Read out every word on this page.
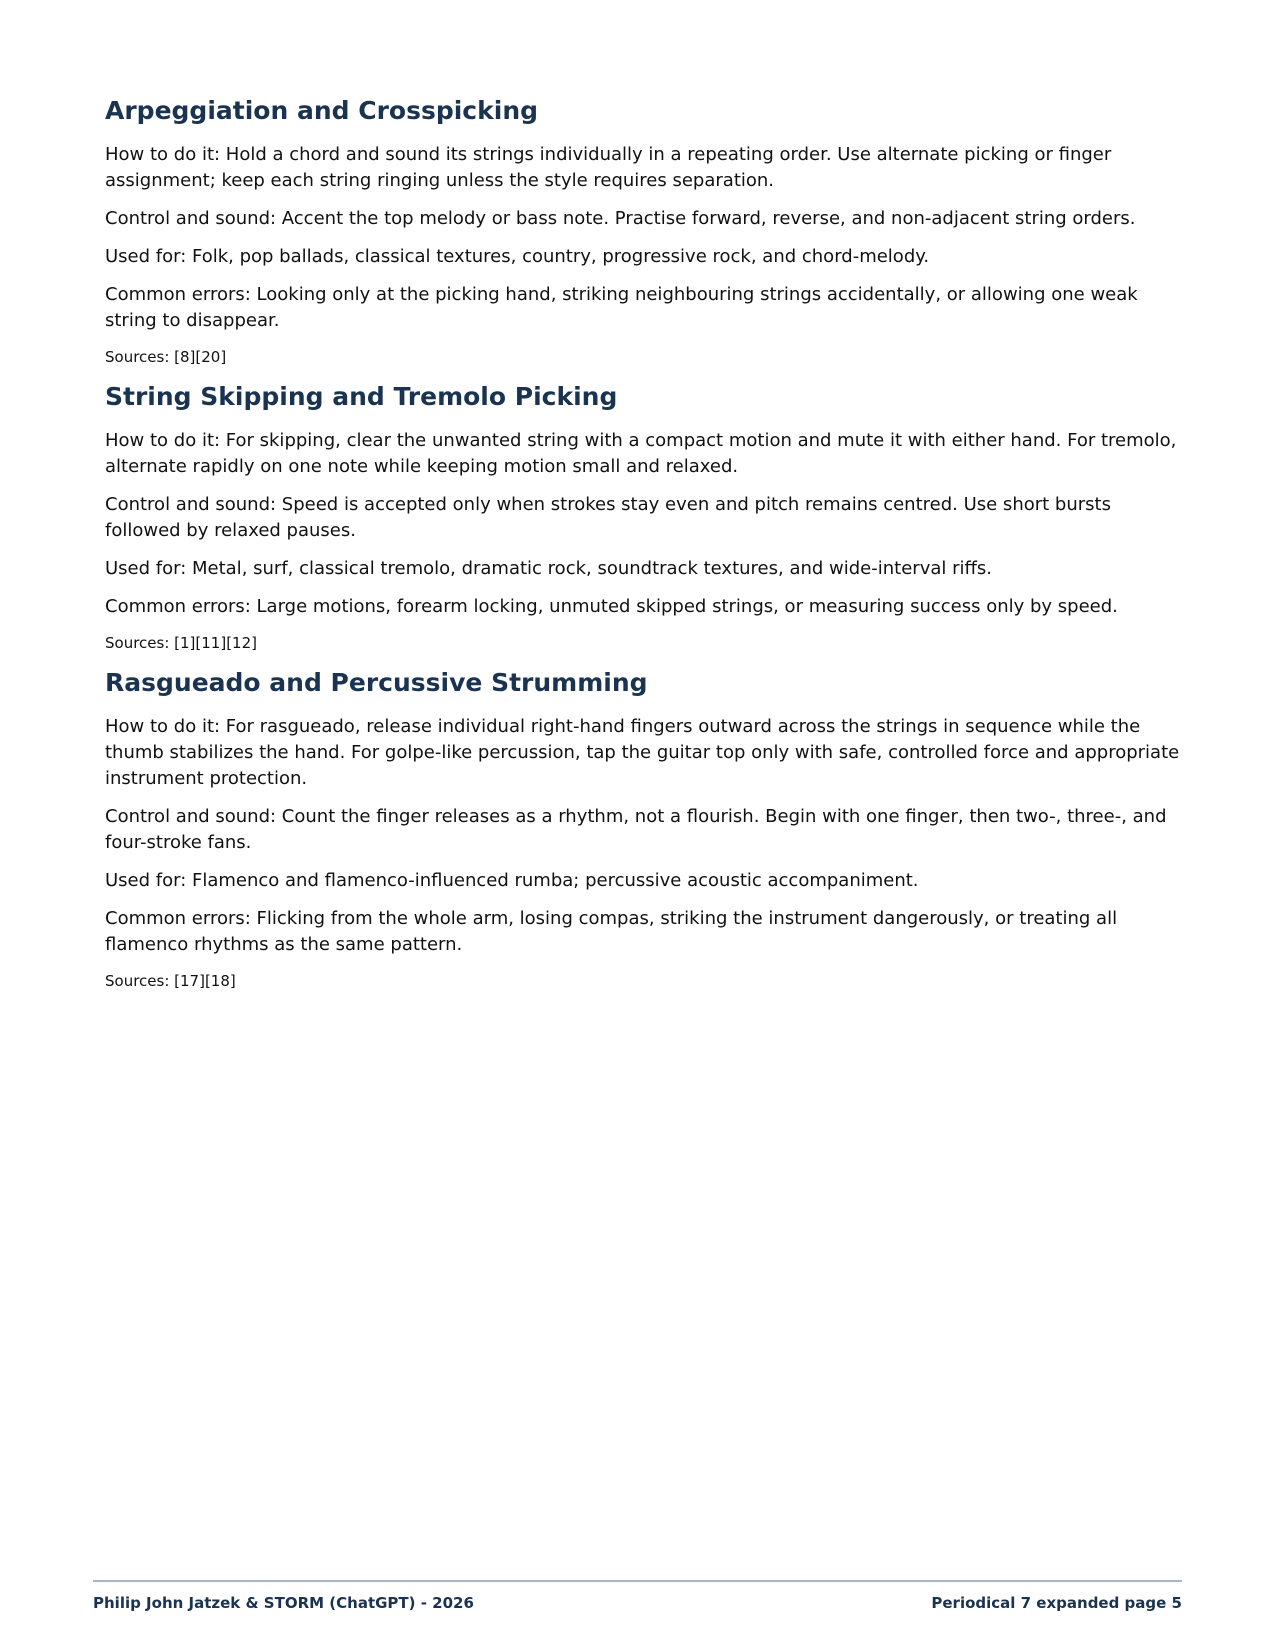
Arpeggiation and Crosspicking

How to do it: Hold a chord and sound its strings individually in a repeating order. Use alternate picking or finger assignment; keep each string ringing unless the style requires separation.

Control and sound: Accent the top melody or bass note. Practise forward, reverse, and non-adjacent string orders.

Used for: Folk, pop ballads, classical textures, country, progressive rock, and chord-melody.

Common errors: Looking only at the picking hand, striking neighbouring strings accidentally, or allowing one weak string to disappear.

Sources: [8][20]

String Skipping and Tremolo Picking

How to do it: For skipping, clear the unwanted string with a compact motion and mute it with either hand. For tremolo, alternate rapidly on one note while keeping motion small and relaxed.

Control and sound: Speed is accepted only when strokes stay even and pitch remains centred. Use short bursts followed by relaxed pauses.

Used for: Metal, surf, classical tremolo, dramatic rock, soundtrack textures, and wide-interval riffs.

Common errors: Large motions, forearm locking, unmuted skipped strings, or measuring success only by speed.

Sources: [1][11][12]

Rasgueado and Percussive Strumming

How to do it: For rasgueado, release individual right-hand fingers outward across the strings in sequence while the thumb stabilizes the hand. For golpe-like percussion, tap the guitar top only with safe, controlled force and appropriate instrument protection.

Control and sound: Count the finger releases as a rhythm, not a flourish. Begin with one finger, then two-, three-, and four-stroke fans.

Used for: Flamenco and flamenco-influenced rumba; percussive acoustic accompaniment.

Common errors: Flicking from the whole arm, losing compas, striking the instrument dangerously, or treating all flamenco rhythms as the same pattern.

Sources: [17][18]

Philip John Jatzek & STORM (ChatGPT) - 2026	Periodical 7 expanded page 5
